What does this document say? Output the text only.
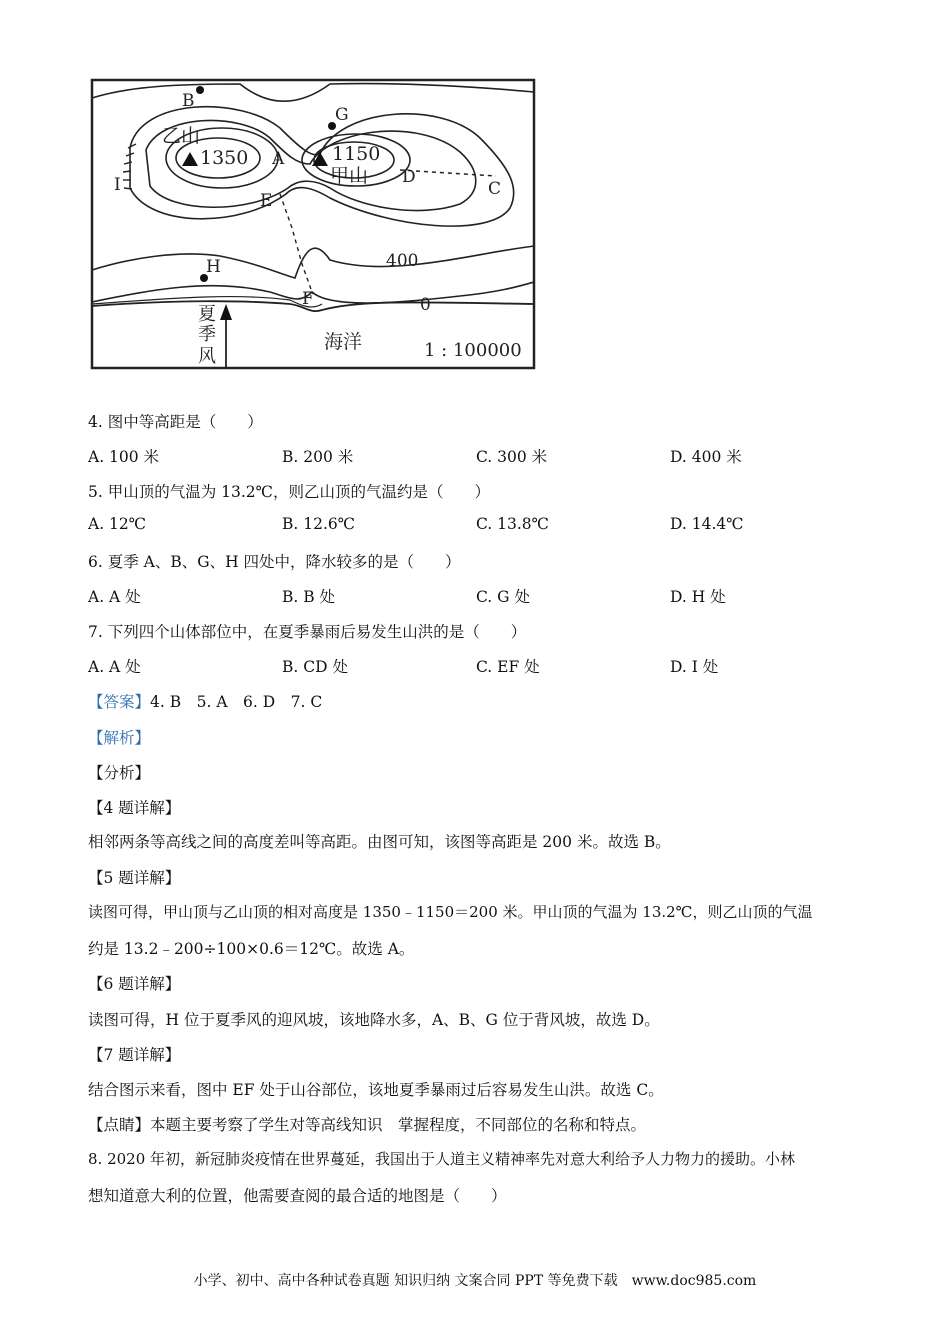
B
G
A
D
C
E
I
H
F
乙山
1350	1150
甲山
400
0
海洋	1 : 100000
夏
季
风
4. 图中等高距是（　　）
A. 100 米	B. 200 米	C. 300 米	D. 400 米
5. 甲山顶的气温为 13.2℃，则乙山顶的气温约是（　　）
A. 12℃	B. 12.6℃	C. 13.8℃	D. 14.4℃
6. 夏季 A、B、G、H 四处中，降水较多的是（　　）
A. A 处	B. B 处	C. G 处	D. H 处
7. 下列四个山体部位中，在夏季暴雨后易发生山洪的是（　　）
A. A 处	B. CD 处	C. EF 处	D. I 处
【答案】4. B　5. A　6. D　7. C
【解析】
【分析】
【4 题详解】
相邻两条等高线之间的高度差叫等高距。由图可知，该图等高距是 200 米。故选 B。
【5 题详解】
读图可得，甲山顶与乙山顶的相对高度是 1350﹣1150＝200 米。甲山顶的气温为 13.2℃，则乙山顶的气温
约是 13.2﹣200÷100×0.6＝12℃。故选 A。
【6 题详解】
读图可得，H 位于夏季风的迎风坡，该地降水多，A、B、G 位于背风坡，故选 D。
【7 题详解】
结合图示来看，图中 EF 处于山谷部位，该地夏季暴雨过后容易发生山洪。故选 C。
【点睛】本题主要考察了学生对等高线知识　掌握程度，不同部位的名称和特点。
8. 2020 年初，新冠肺炎疫情在世界蔓延，我国出于人道主义精神率先对意大利给予人力物力的援助。小林
想知道意大利的位置，他需要查阅的最合适的地图是（　　）
小学、初中、高中各种试卷真题 知识归纳 文案合同 PPT 等免费下载　www.doc985.com
